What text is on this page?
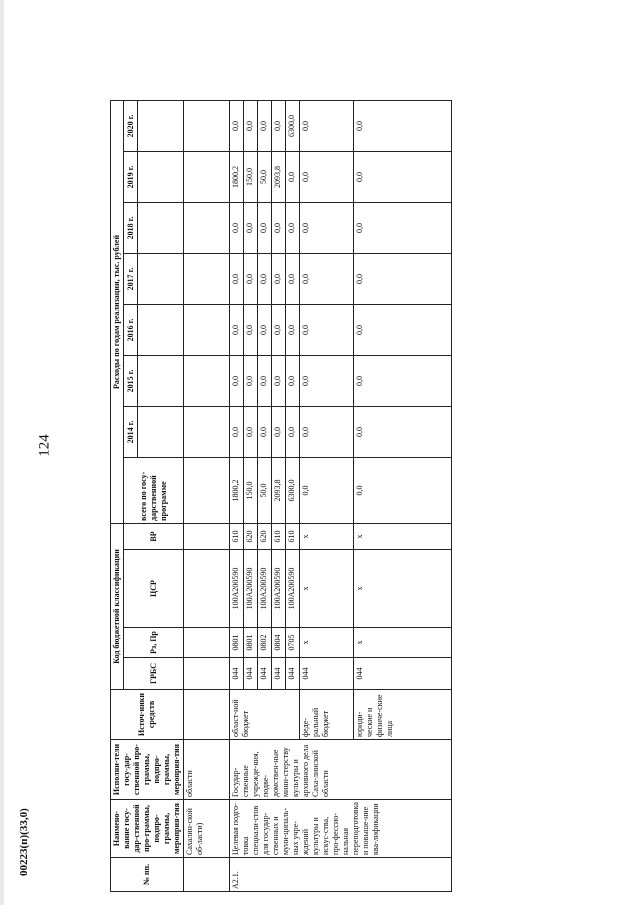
124
00223(п)(33,0)	№ пп.	Наимено-вание госу-дар-ственной про-граммы, подпро-граммы, мероприя-тия	Исполни-тели госу-дар-ственной про-граммы, подпро-граммы, мероприя-тия	Источ-ники средств	Код бюджетной классификации				Расходы по годам реализации, тыс. рублей							
				ГРБС	Рз, Пр	ЦСР	ВР	всего по госу-дарственной программе	2014 г.	2015 г.	2016 г.	2017 г.	2018 г.	2019 г.	2020 г.

	Сахалин-ской об-ласти)	области													
А2.1.	Целевая подго-товка специали-стов для государ-ственных и муни-ципаль-ных учре-ждений культуры и искус-ства, про-фессио-нальная переподготовка и повыше-ние ква-лификации	Государ-ственные учрежде-ния, подве-домствен-ные мини-стерству культуры и архивного дела Саха-линской области	област-ной бюджет	044	0801	100А200590	610	1800,2	0,0	0,0	0,0	0,0	0,0	1800,2	0,0
				044	0801	100А200590	620	150,0	0,0	0,0	0,0	0,0	0,0	150,0	0,0
				044	0802	100А200590	620	50,0	0,0	0,0	0,0	0,0	0,0	50,0	0,0
				044	0804	100А200590	610	2093,8	0,0	0,0	0,0	0,0	0,0	2093,8	0,0
				044	0705	100А200590	610	6300,0	0,0	0,0	0,0	0,0	0,0	0,0	6300,0
			феде-ральный бюджет	044	x	x	x	0,0	0,0	0,0	0,0	0,0	0,0	0,0	0,0
			юриди-ческие и физиче-ские лица	044	x	x	x	0,0	0,0	0,0	0,0	0,0	0,0	0,0	0,0
